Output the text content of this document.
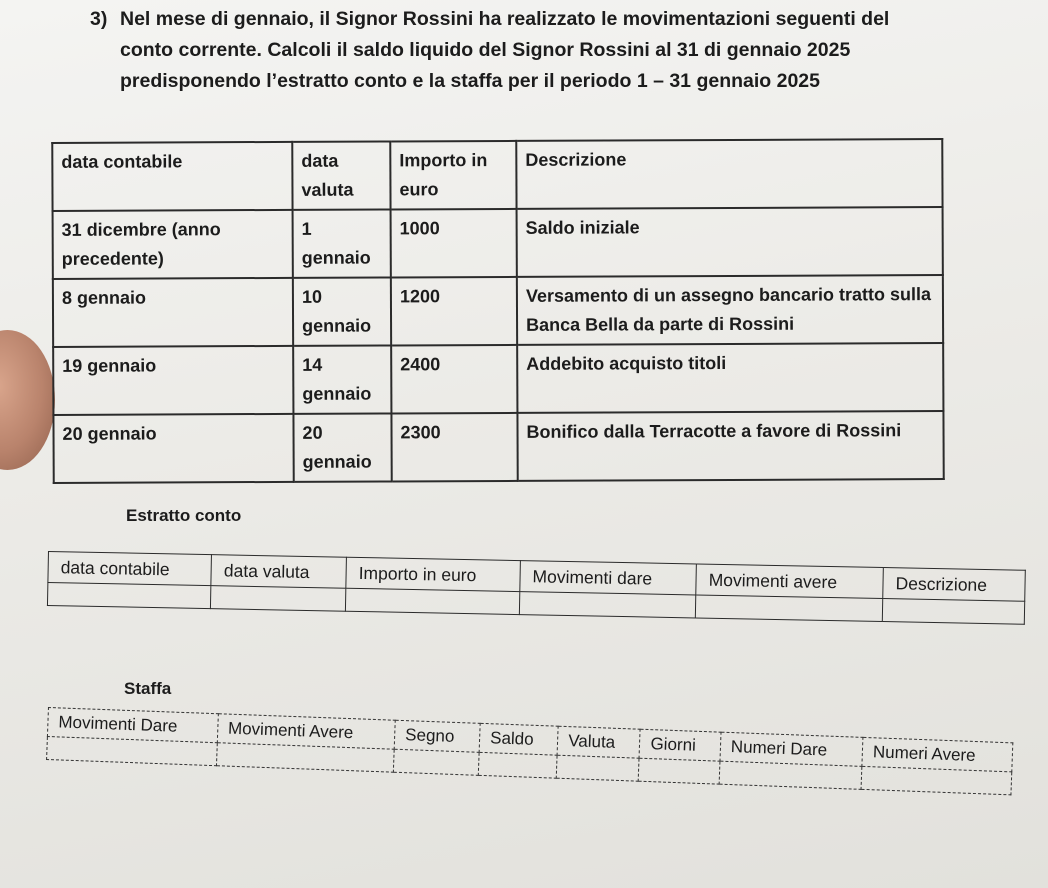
3) Nel mese di gennaio, il Signor Rossini ha realizzato le movimentazioni seguenti del
conto corrente. Calcoli il saldo liquido del Signor Rossini al 31 di gennaio 2025
predisponendo l’estratto conto e la staffa per il periodo 1 – 31 gennaio 2025
data contabile	data valuta	Importo in euro	Descrizione
31 dicembre (anno precedente)	1 gennaio	1000	Saldo iniziale
8 gennaio	10 gennaio	1200	Versamento di un assegno bancario tratto sulla Banca Bella da parte di Rossini
19 gennaio	14 gennaio	2400	Addebito acquisto titoli
20 gennaio	20 gennaio	2300	Bonifico dalla Terracotte a favore di Rossini
Estratto conto
data contabile	data valuta	Importo in euro	Movimenti dare	Movimenti avere	Descrizione

Staffa
Movimenti Dare	Movimenti Avere	Segno	Saldo	Valuta	Giorni	Numeri Dare	Numeri Avere
